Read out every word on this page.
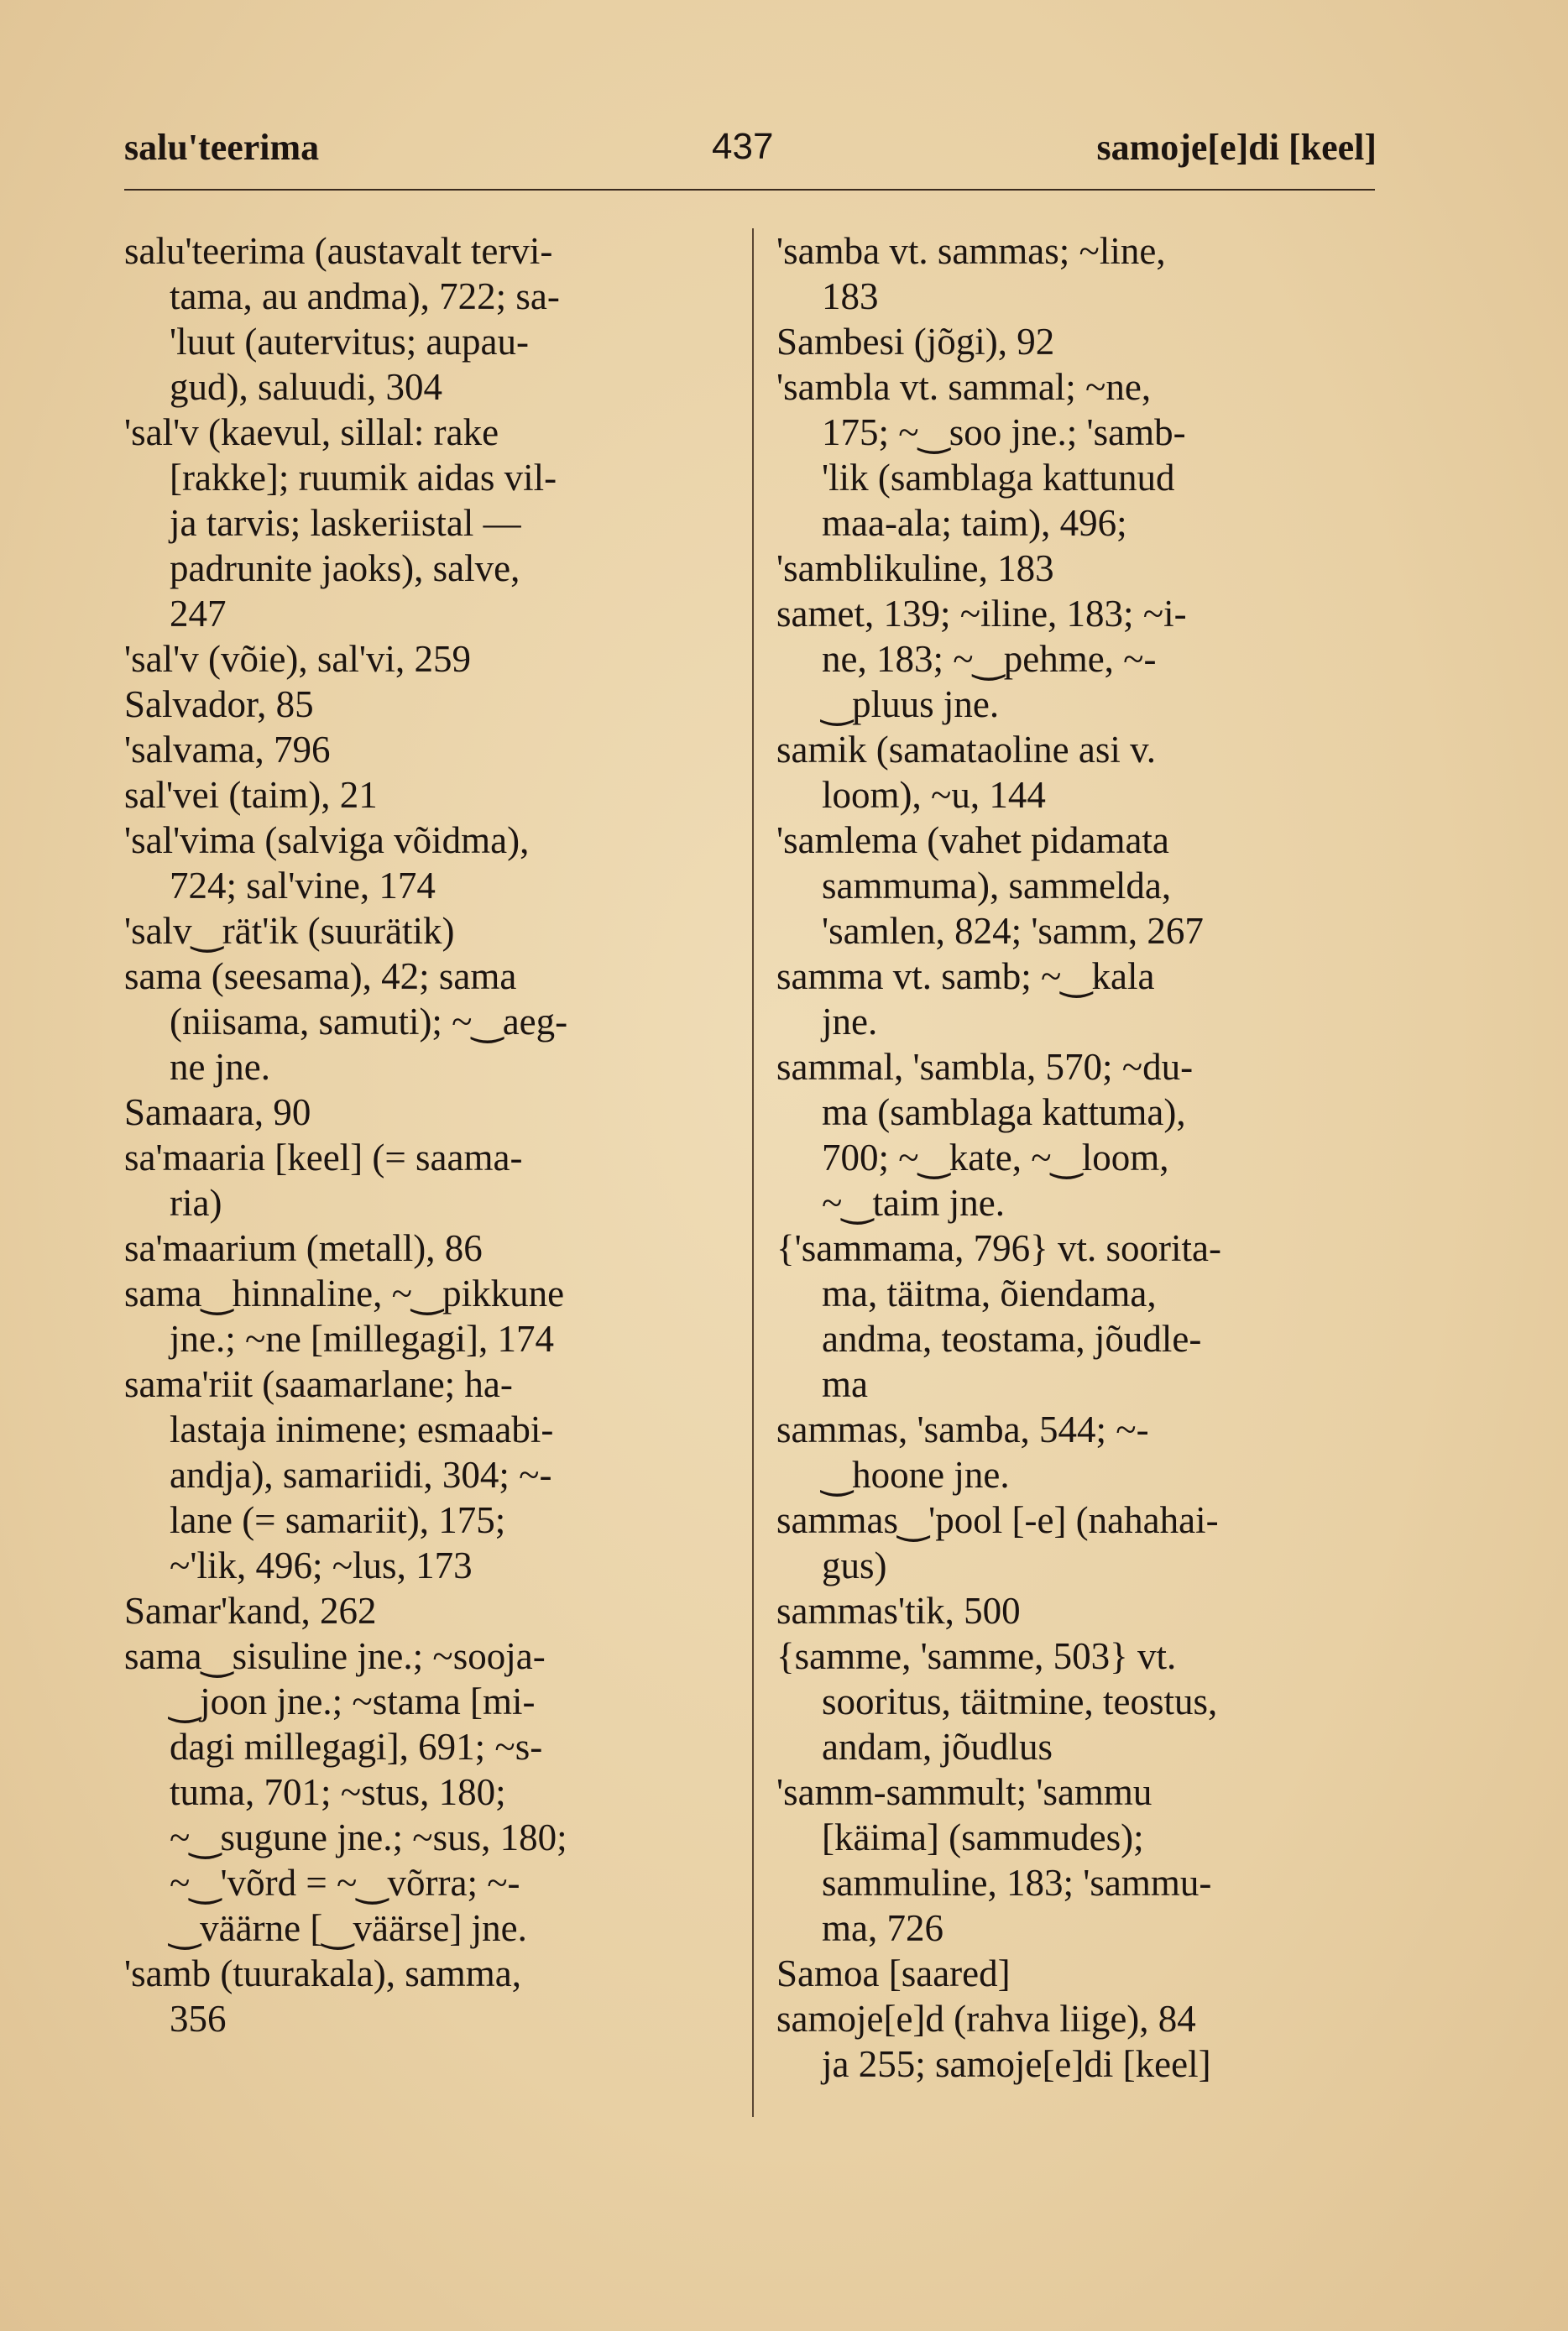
salu'teerima	437	samoje[e]di [keel]

salu'teerima (austavalt tervi-
tama, au andma), 722; sa-
'luut (autervitus; aupau-
gud), saluudi, 304

'sal'v (kaevul, sillal: rake
[rakke]; ruumik aidas vil-
ja tarvis; laskeriistal —
padrunite jaoks), salve,
247

'sal'v (võie), sal'vi, 259

Salvador, 85

'salvama, 796

sal'vei (taim), 21

'sal'vima (salviga võidma),
724; sal'vine, 174

'salv‿rät'ik (suurätik)

sama (seesama), 42; sama
(niisama, samuti); ~‿aeg-
ne jne.

Samaara, 90

sa'maaria [keel] (= saama-
ria)

sa'maarium (metall), 86

sama‿hinnaline, ~‿pikkune
jne.; ~ne [millegagi], 174

sama'riit (saamarlane; ha-
lastaja inimene; esmaabi-
andja), samariidi, 304; ~-
lane (= samariit), 175;
~'lik, 496; ~lus, 173

Samar'kand, 262

sama‿sisuline jne.; ~sooja-
‿joon jne.; ~stama [mi-
dagi millegagi], 691; ~s-
tuma, 701; ~stus, 180;
~‿sugune jne.; ~sus, 180;
~‿'võrd = ~‿võrra; ~-
‿väärne [‿väärse] jne.

'samb (tuurakala), samma,
356

'samba vt. sammas; ~line,
183

Sambesi (jõgi), 92

'sambla vt. sammal; ~ne,
175; ~‿soo jne.; 'samb-
'lik (samblaga kattunud
maa-ala; taim), 496;

'samblikuline, 183

samet, 139; ~iline, 183; ~i-
ne, 183; ~‿pehme, ~-
‿pluus jne.

samik (samataoline asi v.
loom), ~u, 144

'samlema (vahet pidamata
sammuma), sammelda,
'samlen, 824; 'samm, 267

samma vt. samb; ~‿kala
jne.

sammal, 'sambla, 570; ~du-
ma (samblaga kattuma),
700; ~‿kate, ~‿loom,
~‿taim jne.

{'sammama, 796} vt. soorita-
ma, täitma, õiendama,
andma, teostama, jõudle-
ma

sammas, 'samba, 544; ~-
‿hoone jne.

sammas‿'pool [-e] (nahahai-
gus)

sammas'tik, 500

{samme, 'samme, 503} vt.
sooritus, täitmine, teostus,
andam, jõudlus

'samm-sammult; 'sammu
[käima] (sammudes);
sammuline, 183; 'sammu-
ma, 726

Samoa [saared]

samoje[e]d (rahva liige), 84
ja 255; samoje[e]di [keel]
